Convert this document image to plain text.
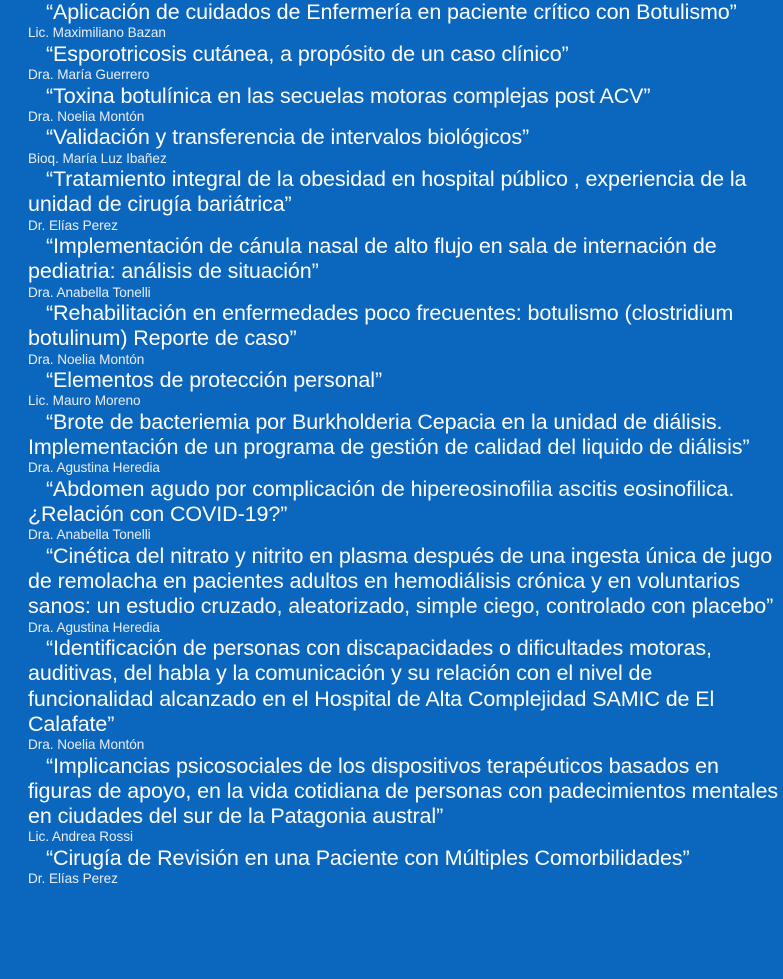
“Aplicación de cuidados de Enfermería en paciente crítico con Botulismo”
Lic. Maximiliano Bazan
“Esporotricosis cutánea, a propósito de un caso clínico”
Dra. María Guerrero
“Toxina botulínica en las secuelas motoras complejas post ACV”
Dra. Noelia Montón
“Validación y transferencia de intervalos biológicos”
Bioq. María Luz Ibañez
“Tratamiento integral de la obesidad en hospital público , experiencia de la unidad de cirugía bariátrica”
Dr. Elías Perez
“Implementación de cánula nasal de alto flujo en sala de internación de pediatria: análisis de situación”
Dra. Anabella Tonelli
“Rehabilitación en enfermedades poco frecuentes: botulismo (clostridium botulinum) Reporte de caso”
Dra. Noelia Montón
“Elementos de protección personal”
Lic. Mauro Moreno
“Brote de bacteriemia por Burkholderia Cepacia en la unidad de diálisis. Implementación de un programa de gestión de calidad del liquido de diálisis”
Dra. Agustina Heredia
“Abdomen agudo por complicación de hipereosinofilia ascitis eosinofilica. ¿Relación con COVID-19?”
Dra. Anabella Tonelli
“Cinética del nitrato y nitrito en plasma después de una ingesta única de jugo de remolacha en pacientes adultos en hemodiálisis crónica y en voluntarios sanos: un estudio cruzado, aleatorizado, simple ciego, controlado con placebo”
Dra. Agustina Heredia
“Identificación de personas con discapacidades o dificultades motoras, auditivas, del habla y la comunicación y su relación con el nivel de funcionalidad alcanzado en el Hospital de Alta Complejidad SAMIC de El Calafate”
Dra. Noelia Montón
“Implicancias psicosociales de los dispositivos terapéuticos basados en figuras de apoyo, en la vida cotidiana de personas con padecimientos mentales en ciudades del sur de la Patagonia austral”
Lic. Andrea Rossi
“Cirugía de Revisión en una Paciente con Múltiples Comorbilidades”
Dr. Elías Perez
